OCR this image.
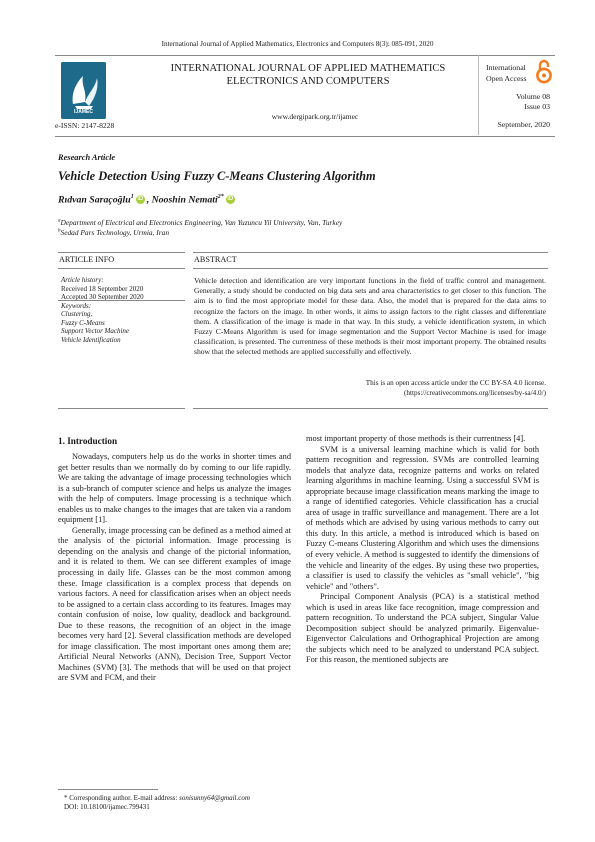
International Journal of Applied Mathematics, Electronics and Computers 8(3): 085-091, 2020
IJAMEC
e-ISSN: 2147-8228
INTERNATIONAL JOURNAL OF APPLIED MATHEMATICS
ELECTRONICS AND COMPUTERS
www.dergipark.org.tr/ijamec
International
Open Access
Volume 08
Issue 03
September, 2020
Research Article
Vehicle Detection Using Fuzzy C-Means Clustering Algorithm
Rıdvan Saraçoğlu$^1$ iD , Nooshin Nemati$^{2*}$ iD
$^a$Department of Electrical and Electronics Engineering, Van Yuzuncu Yil University, Van, Turkey
$^b$Sedad Pars Technology, Urmia, Iran
ARTICLE INFO	ABSTRACT
Article history:
Received 18 September 2020
Accepted 30 September 2020
Keywords:
Clustering,
Fuzzy C-Means
Support Vector Machine
Vehicle Identification
Vehicle detection and identification are very important functions in the field of traffic control and management. Generally, a study should be conducted on big data sets and area characteristics to get closer to this function. The aim is to find the most appropriate model for these data. Also, the model that is prepared for the data aims to recognize the factors on the image. In other words, it aims to assign factors to the right classes and differentiate them. A classification of the image is made in that way. In this study, a vehicle identification system, in which Fuzzy C-Means Algorithm is used for image segmentation and the Support Vector Machine is used for image classification, is presented. The currentness of these methods is their most important property. The obtained results show that the selected methods are applied successfully and effectively.
This is an open access article under the CC BY-SA 4.0 license.
(https://creativecommons.org/licenses/by-sa/4.0/)
1. Introduction

Nowadays, computers help us do the works in shorter times and get better results than we normally do by coming to our life rapidly. We are taking the advantage of image processing technologies which is a sub-branch of computer science and helps us analyze the images with the help of computers. Image processing is a technique which enables us to make changes to the images that are taken via a random equipment [1].

Generally, image processing can be defined as a method aimed at the analysis of the pictorial information. Image processing is depending on the analysis and change of the pictorial information, and it is related to them. We can see different examples of image processing in daily life. Glasses can be the most common among these. Image classification is a complex process that depends on various factors. A need for classification arises when an object needs to be assigned to a certain class according to its features. Images may contain confusion of noise, low quality, deadlock and background. Due to these reasons, the recognition of an object in the image becomes very hard [2]. Several classification methods are developed for image classification. The most important ones among them are; Artificial Neural Networks (ANN), Decision Tree, Support Vector Machines (SVM) [3]. The methods that will be used on that project are SVM and FCM, and their

most important property of those methods is their currentness [4].

SVM is a universal learning machine which is valid for both pattern recognition and regression. SVMs are controlled learning models that analyze data, recognize patterns and works on related learning algorithms in machine learning. Using a successful SVM is appropriate because image classification means marking the image to a range of identified categories. Vehicle classification has a crucial area of usage in traffic surveillance and management. There are a lot of methods which are advised by using various methods to carry out this duty. In this article, a method is introduced which is based on Fuzzy C-means Clustering Algorithm and which uses the dimensions of every vehicle. A method is suggested to identify the dimensions of the vehicle and linearity of the edges. By using these two properties, a classifier is used to classify the vehicles as "small vehicle", "big vehicle" and "others".

Principal Component Analysis (PCA) is a statistical method which is used in areas like face recognition, image compression and pattern recognition. To understand the PCA subject, Singular Value Decomposition subject should be analyzed primarily. Eigenvalue-Eigenvector Calculations and Orthographical Projection are among the subjects which need to be analyzed to understand PCA subject. For this reason, the mentioned subjects are

* Corresponding author. E-mail address: sonisunny64@gmail.com
DOI: 10.18100/ijamec.799431
